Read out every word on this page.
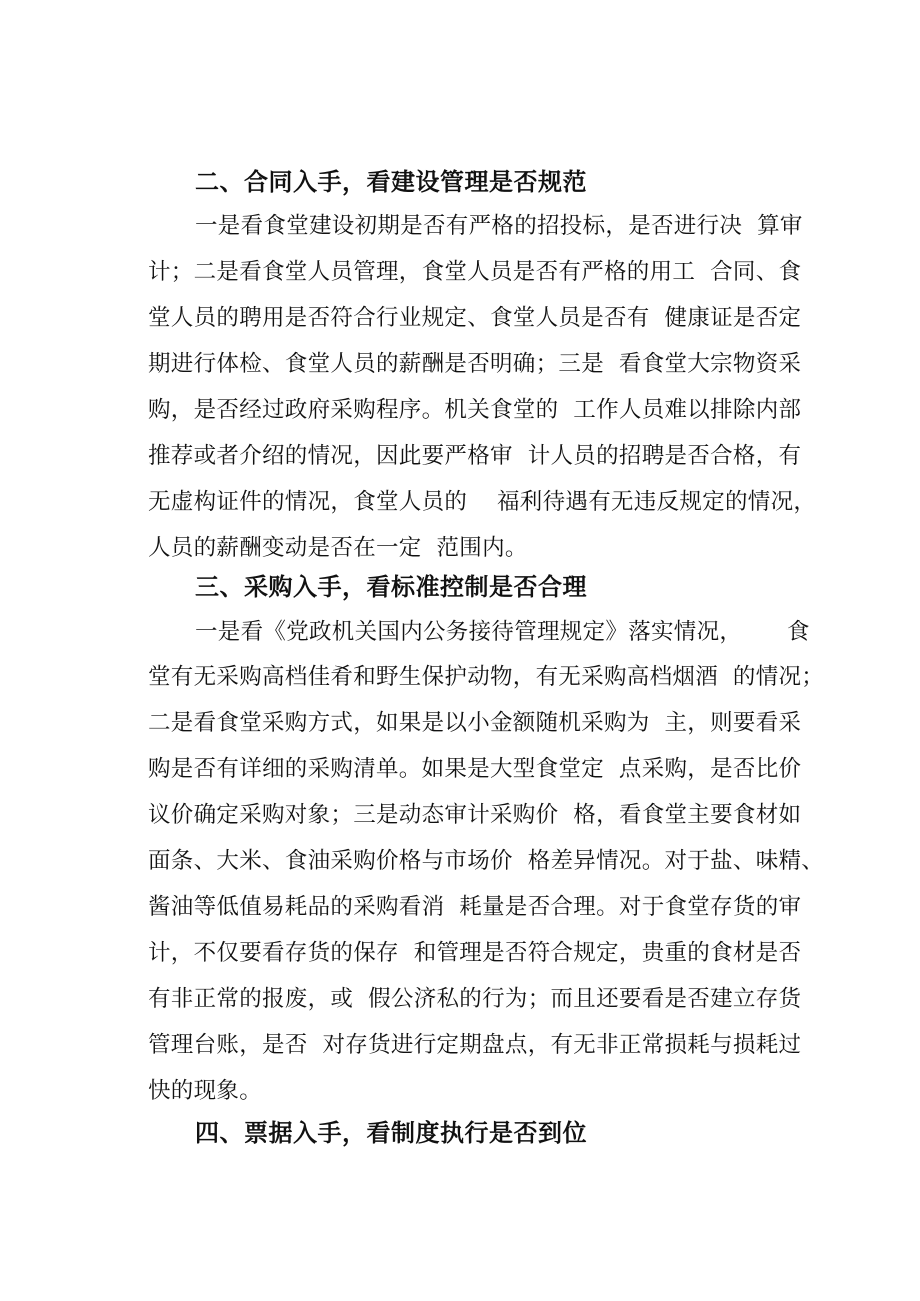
二、合同入手，看建设管理是否规范
一是看食堂建设初期是否有严格的招投标，是否进行决  算审
计；二是看食堂人员管理，食堂人员是否有严格的用工  合同、食
堂人员的聘用是否符合行业规定、食堂人员是否有  健康证是否定
期进行体检、食堂人员的薪酬是否明确；三是  看食堂大宗物资采
购，是否经过政府采购程序。机关食堂的  工作人员难以排除内部
推荐或者介绍的情况，因此要严格审  计人员的招聘是否合格，有
无虚构证件的情况，食堂人员的    福利待遇有无违反规定的情况，
人员的薪酬变动是否在一定  范围内。
三、采购入手，看标准控制是否合理
一是看《党政机关国内公务接待管理规定》落实情况，      食
堂有无采购高档佳肴和野生保护动物，有无采购高档烟酒  的情况；
二是看食堂采购方式，如果是以小金额随机采购为  主，则要看采
购是否有详细的采购清单。如果是大型食堂定  点采购，是否比价
议价确定采购对象；三是动态审计采购价  格，看食堂主要食材如
面条、大米、食油采购价格与市场价  格差异情况。对于盐、味精、
酱油等低值易耗品的采购看消  耗量是否合理。对于食堂存货的审
计，不仅要看存货的保存  和管理是否符合规定，贵重的食材是否
有非正常的报废，或  假公济私的行为；而且还要看是否建立存货
管理台账，是否  对存货进行定期盘点，有无非正常损耗与损耗过
快的现象。
四、票据入手，看制度执行是否到位
